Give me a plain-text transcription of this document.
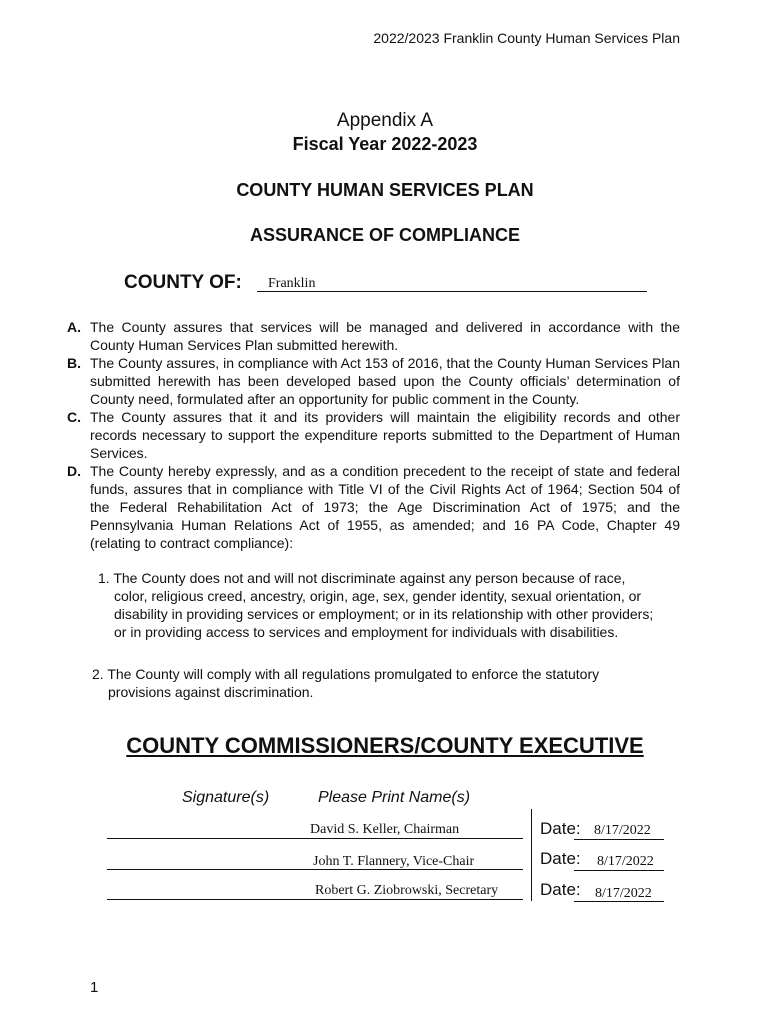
2022/2023 Franklin County Human Services Plan
Appendix A
Fiscal Year 2022-2023
COUNTY HUMAN SERVICES PLAN
ASSURANCE OF COMPLIANCE
COUNTY OF: Franklin
A. The County assures that services will be managed and delivered in accordance with the County Human Services Plan submitted herewith.
B. The County assures, in compliance with Act 153 of 2016, that the County Human Services Plan submitted herewith has been developed based upon the County officials’ determination of County need, formulated after an opportunity for public comment in the County.
C. The County assures that it and its providers will maintain the eligibility records and other records necessary to support the expenditure reports submitted to the Department of Human Services.
D. The County hereby expressly, and as a condition precedent to the receipt of state and federal funds, assures that in compliance with Title VI of the Civil Rights Act of 1964; Section 504 of the Federal Rehabilitation Act of 1973; the Age Discrimination Act of 1975; and the Pennsylvania Human Relations Act of 1955, as amended; and 16 PA Code, Chapter 49 (relating to contract compliance):
1. The County does not and will not discriminate against any person because of race,
color, religious creed, ancestry, origin, age, sex, gender identity, sexual orientation, or disability in providing services or employment; or in its relationship with other providers; or in providing access to services and employment for individuals with disabilities.
2. The County will comply with all regulations promulgated to enforce the statutory
provisions against discrimination.
COUNTY COMMISSIONERS/COUNTY EXECUTIVE
Signature(s)	Please Print Name(s)
David S. Keller, Chairman	Date: 8/17/2022
John T. Flannery, Vice-Chair	Date: 8/17/2022
Robert G. Ziobrowski, Secretary Date: 8/17/2022
1
